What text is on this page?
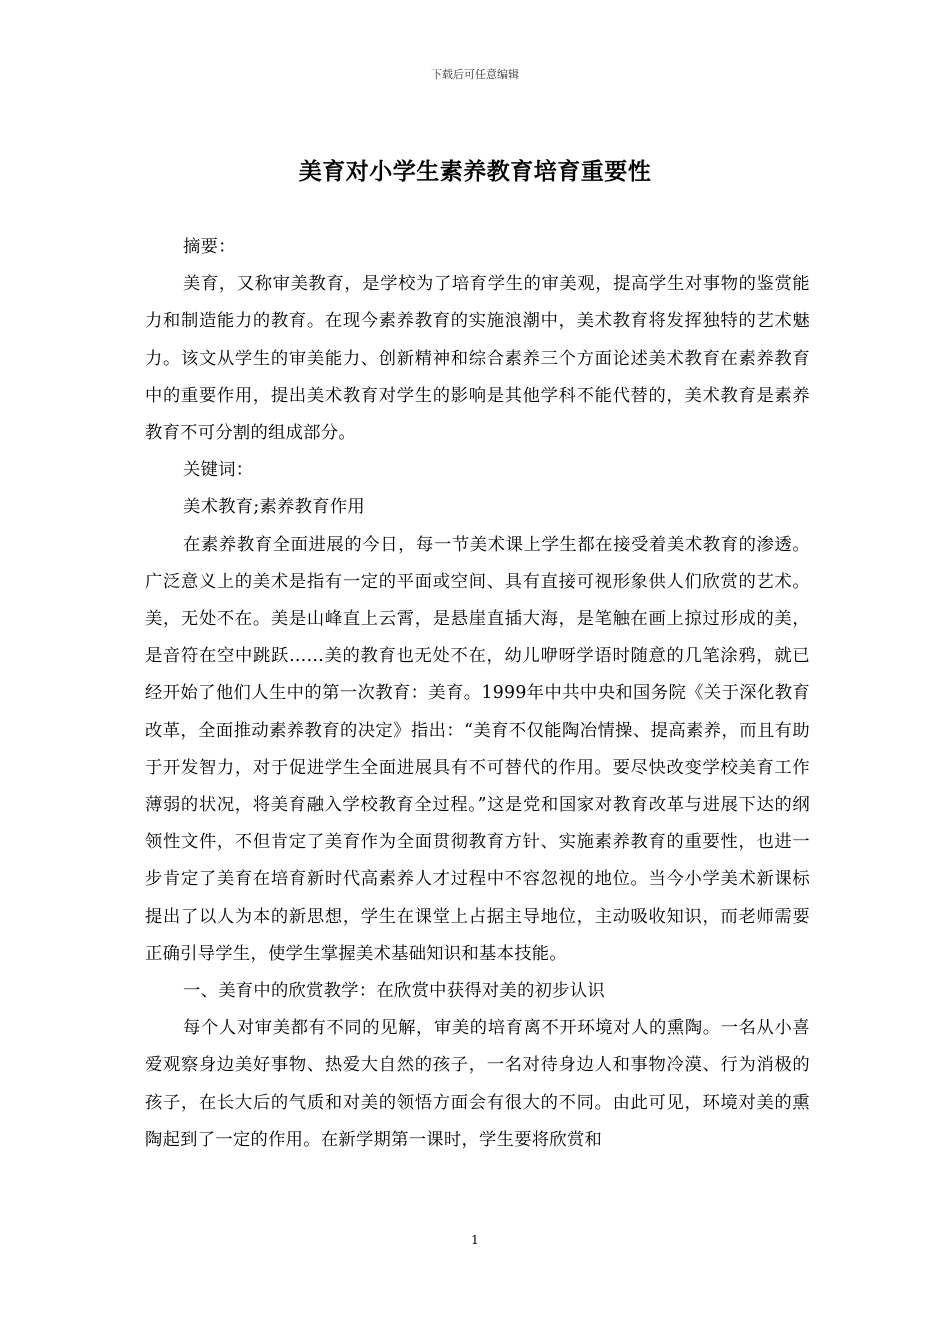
下载后可任意编辑
美育对小学生素养教育培育重要性

摘要：

美育，又称审美教育，是学校为了培育学生的审美观，提高学生对事物的鉴赏能力和制造能力的教育。在现今素养教育的实施浪潮中，美术教育将发挥独特的艺术魅力。该文从学生的审美能力、创新精神和综合素养三个方面论述美术教育在素养教育中的重要作用，提出美术教育对学生的影响是其他学科不能代替的，美术教育是素养教育不可分割的组成部分。

关键词：

美术教育;素养教育作用

在素养教育全面进展的今日，每一节美术课上学生都在接受着美术教育的渗透。广泛意义上的美术是指有一定的平面或空间、具有直接可视形象供人们欣赏的艺术。美，无处不在。美是山峰直上云霄，是悬崖直插大海，是笔触在画上掠过形成的美，是音符在空中跳跃……美的教育也无处不在，幼儿咿呀学语时随意的几笔涂鸦，就已经开始了他们人生中的第一次教育：美育。1999年中共中央和国务院《关于深化教育改革，全面推动素养教育的决定》指出：“美育不仅能陶冶情操、提高素养，而且有助于开发智力，对于促进学生全面进展具有不可替代的作用。要尽快改变学校美育工作薄弱的状况，将美育融入学校教育全过程。”这是党和国家对教育改革与进展下达的纲领性文件，不但肯定了美育作为全面贯彻教育方针、实施素养教育的重要性，也进一步肯定了美育在培育新时代高素养人才过程中不容忽视的地位。当今小学美术新课标提出了以人为本的新思想，学生在课堂上占据主导地位，主动吸收知识，而老师需要正确引导学生，使学生掌握美术基础知识和基本技能。

一、美育中的欣赏教学：在欣赏中获得对美的初步认识

每个人对审美都有不同的见解，审美的培育离不开环境对人的熏陶。一名从小喜爱观察身边美好事物、热爱大自然的孩子，一名对待身边人和事物冷漠、行为消极的孩子，在长大后的气质和对美的领悟方面会有很大的不同。由此可见，环境对美的熏陶起到了一定的作用。在新学期第一课时，学生要将欣赏和

1
